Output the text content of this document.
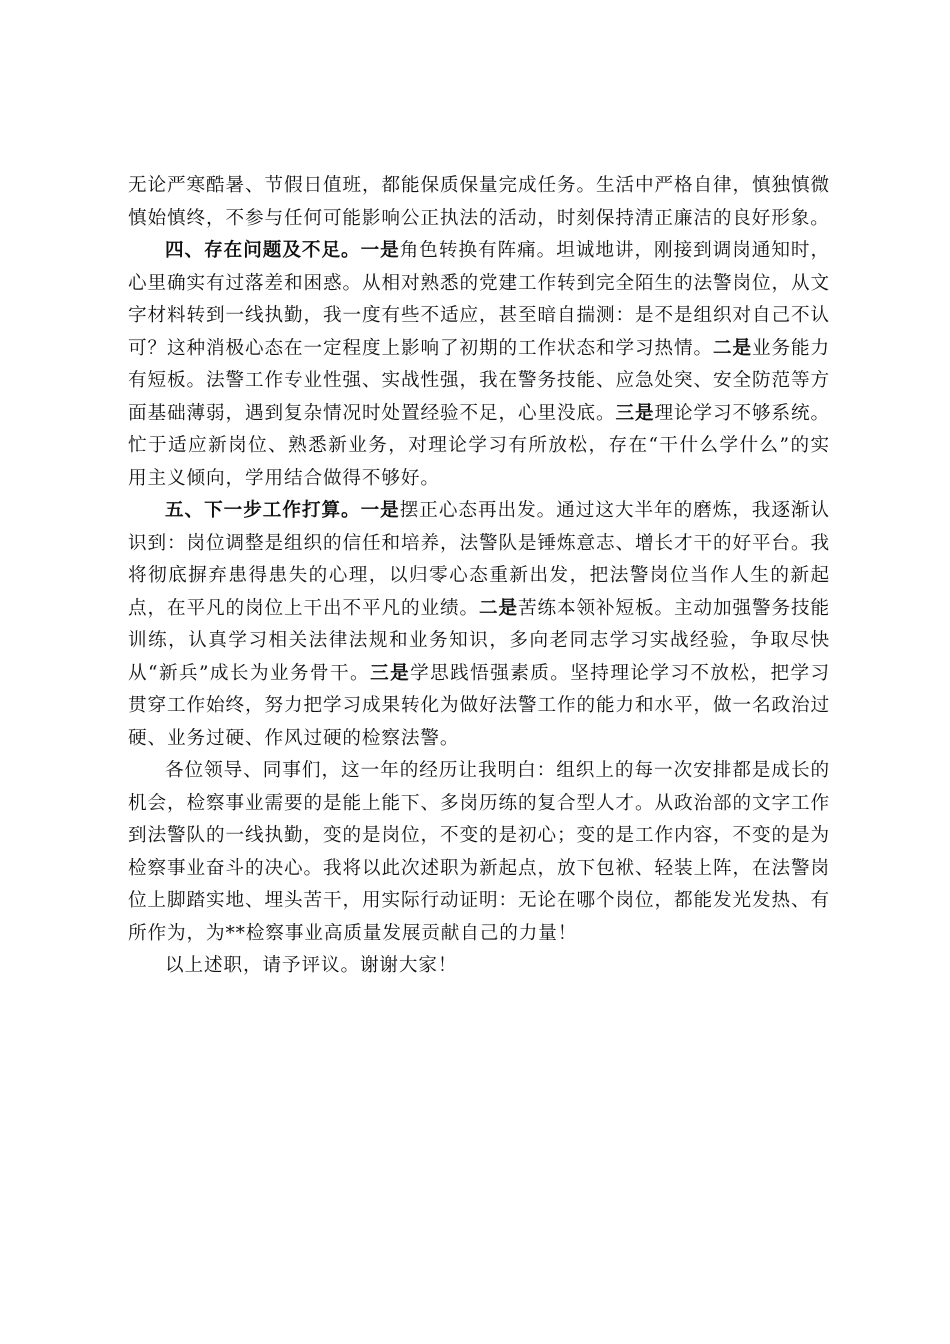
无论严寒酷暑、节假日值班，都能保质保量完成任务。生活中严格自律，慎独慎微慎始慎终，不参与任何可能影响公正执法的活动，时刻保持清正廉洁的良好形象。

四、存在问题及不足。一是角色转换有阵痛。坦诚地讲，刚接到调岗通知时，心里确实有过落差和困惑。从相对熟悉的党建工作转到完全陌生的法警岗位，从文字材料转到一线执勤，我一度有些不适应，甚至暗自揣测：是不是组织对自己不认可？这种消极心态在一定程度上影响了初期的工作状态和学习热情。二是业务能力有短板。法警工作专业性强、实战性强，我在警务技能、应急处突、安全防范等方面基础薄弱，遇到复杂情况时处置经验不足，心里没底。三是理论学习不够系统。忙于适应新岗位、熟悉新业务，对理论学习有所放松，存在“干什么学什么”的实用主义倾向，学用结合做得不够好。

五、下一步工作打算。一是摆正心态再出发。通过这大半年的磨炼，我逐渐认识到：岗位调整是组织的信任和培养，法警队是锤炼意志、增长才干的好平台。我将彻底摒弃患得患失的心理，以归零心态重新出发，把法警岗位当作人生的新起点，在平凡的岗位上干出不平凡的业绩。二是苦练本领补短板。主动加强警务技能训练，认真学习相关法律法规和业务知识，多向老同志学习实战经验，争取尽快从“新兵”成长为业务骨干。三是学思践悟强素质。坚持理论学习不放松，把学习贯穿工作始终，努力把学习成果转化为做好法警工作的能力和水平，做一名政治过硬、业务过硬、作风过硬的检察法警。

各位领导、同事们，这一年的经历让我明白：组织上的每一次安排都是成长的机会，检察事业需要的是能上能下、多岗历练的复合型人才。从政治部的文字工作到法警队的一线执勤，变的是岗位，不变的是初心；变的是工作内容，不变的是为检察事业奋斗的决心。我将以此次述职为新起点，放下包袱、轻装上阵，在法警岗位上脚踏实地、埋头苦干，用实际行动证明：无论在哪个岗位，都能发光发热、有所作为，为**检察事业高质量发展贡献自己的力量！

以上述职，请予评议。谢谢大家！
